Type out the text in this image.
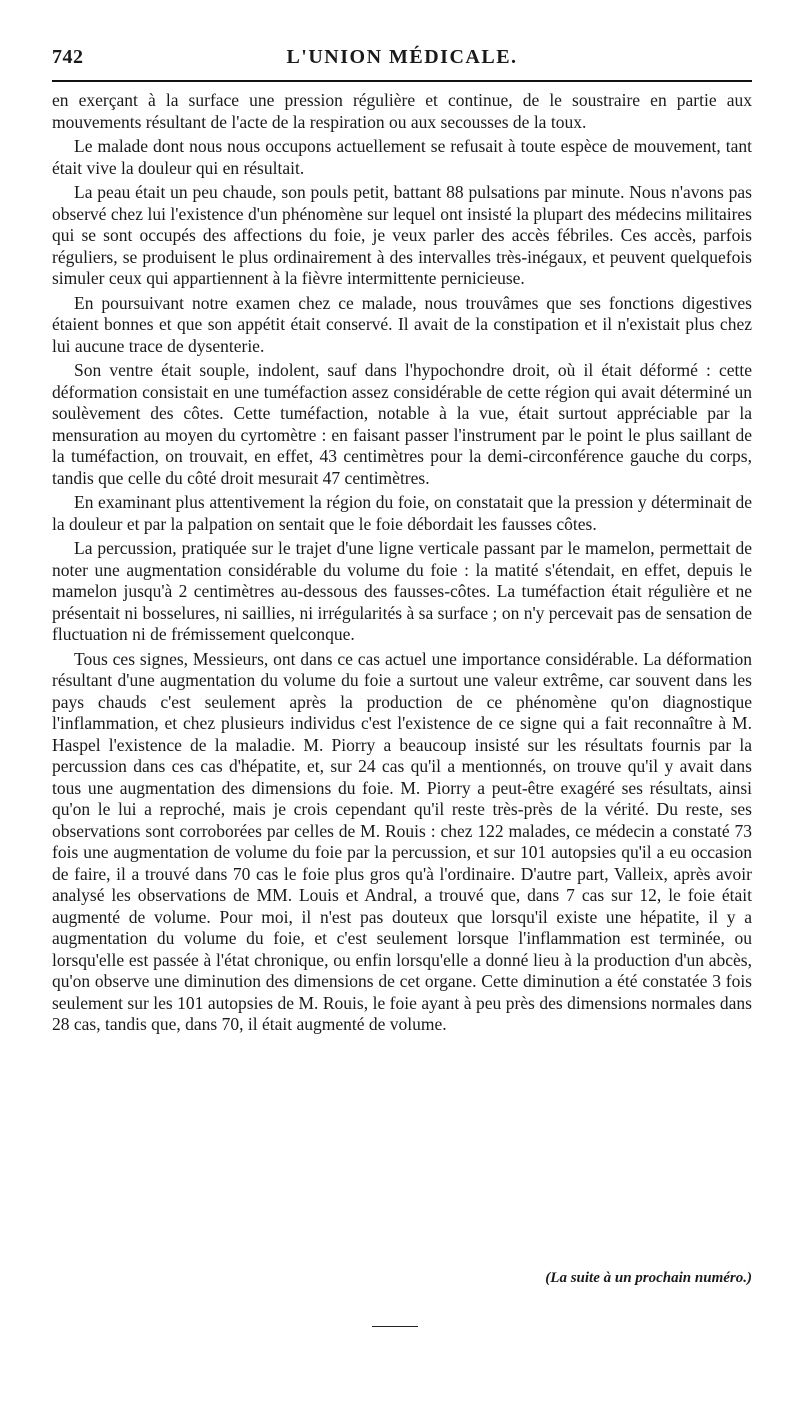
742	L'UNION MÉDICALE.

en exerçant à la surface une pression régulière et continue, de le soustraire en partie aux mouvements résultant de l'acte de la respiration ou aux secousses de la toux.

Le malade dont nous nous occupons actuellement se refusait à toute espèce de mouvement, tant était vive la douleur qui en résultait.

La peau était un peu chaude, son pouls petit, battant 88 pulsations par minute. Nous n'avons pas observé chez lui l'existence d'un phénomène sur lequel ont insisté la plupart des médecins militaires qui se sont occupés des affections du foie, je veux parler des accès fébriles. Ces accès, parfois réguliers, se produisent le plus ordinairement à des intervalles très-inégaux, et peuvent quelquefois simuler ceux qui appartiennent à la fièvre intermittente pernicieuse.

En poursuivant notre examen chez ce malade, nous trouvâmes que ses fonctions digestives étaient bonnes et que son appétit était conservé. Il avait de la constipation et il n'existait plus chez lui aucune trace de dysenterie.

Son ventre était souple, indolent, sauf dans l'hypochondre droit, où il était déformé : cette déformation consistait en une tuméfaction assez considérable de cette région qui avait déterminé un soulèvement des côtes. Cette tuméfaction, notable à la vue, était surtout appréciable par la mensuration au moyen du cyrtomètre : en faisant passer l'instrument par le point le plus saillant de la tuméfaction, on trouvait, en effet, 43 centimètres pour la demi-circonférence gauche du corps, tandis que celle du côté droit mesurait 47 centimètres.

En examinant plus attentivement la région du foie, on constatait que la pression y déterminait de la douleur et par la palpation on sentait que le foie débordait les fausses côtes.

La percussion, pratiquée sur le trajet d'une ligne verticale passant par le mamelon, permettait de noter une augmentation considérable du volume du foie : la matité s'étendait, en effet, depuis le mamelon jusqu'à 2 centimètres au-dessous des fausses-côtes. La tuméfaction était régulière et ne présentait ni bosselures, ni saillies, ni irrégularités à sa surface ; on n'y percevait pas de sensation de fluctuation ni de frémissement quelconque.

Tous ces signes, Messieurs, ont dans ce cas actuel une importance considérable. La déformation résultant d'une augmentation du volume du foie a surtout une valeur extrême, car souvent dans les pays chauds c'est seulement après la production de ce phénomène qu'on diagnostique l'inflammation, et chez plusieurs individus c'est l'existence de ce signe qui a fait reconnaître à M. Haspel l'existence de la maladie. M. Piorry a beaucoup insisté sur les résultats fournis par la percussion dans ces cas d'hépatite, et, sur 24 cas qu'il a mentionnés, on trouve qu'il y avait dans tous une augmentation des dimensions du foie. M. Piorry a peut-être exagéré ses résultats, ainsi qu'on le lui a reproché, mais je crois cependant qu'il reste très-près de la vérité. Du reste, ses observations sont corroborées par celles de M. Rouis : chez 122 malades, ce médecin a constaté 73 fois une augmentation de volume du foie par la percussion, et sur 101 autopsies qu'il a eu occasion de faire, il a trouvé dans 70 cas le foie plus gros qu'à l'ordinaire. D'autre part, Valleix, après avoir analysé les observations de MM. Louis et Andral, a trouvé que, dans 7 cas sur 12, le foie était augmenté de volume. Pour moi, il n'est pas douteux que lorsqu'il existe une hépatite, il y a augmentation du volume du foie, et c'est seulement lorsque l'inflammation est terminée, ou lorsqu'elle est passée à l'état chronique, ou enfin lorsqu'elle a donné lieu à la production d'un abcès, qu'on observe une diminution des dimensions de cet organe. Cette diminution a été constatée 3 fois seulement sur les 101 autopsies de M. Rouis, le foie ayant à peu près des dimensions normales dans 28 cas, tandis que, dans 70, il était augmenté de volume.

(La suite à un prochain numéro.)
